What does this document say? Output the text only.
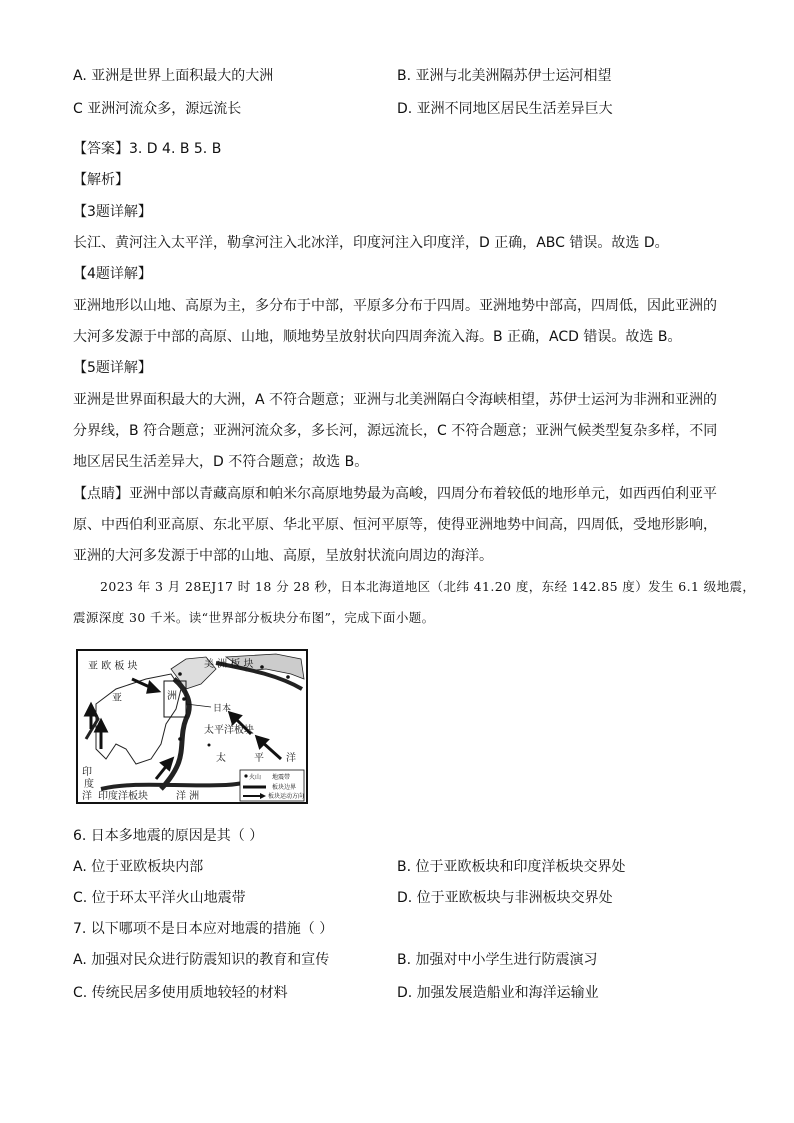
A. 亚洲是世界上面积最大的大洲	B. 亚洲与北美洲隔苏伊士运河相望
C 亚洲河流众多，源远流长	D. 亚洲不同地区居民生活差异巨大
【答案】3. D 4. B 5. B
【解析】
【3题详解】
长江、黄河注入太平洋，勒拿河注入北冰洋，印度河注入印度洋，D 正确，ABC 错误。故选 D。
【4题详解】
亚洲地形以山地、高原为主，多分布于中部，平原多分布于四周。亚洲地势中部高，四周低，因此亚洲的
大河多发源于中部的高原、山地，顺地势呈放射状向四周奔流入海。B 正确，ACD 错误。故选 B。
【5题详解】
亚洲是世界面积最大的大洲，A 不符合题意；亚洲与北美洲隔白令海峡相望，苏伊士运河为非洲和亚洲的
分界线，B 符合题意；亚洲河流众多，多长河，源远流长，C 不符合题意；亚洲气候类型复杂多样，不同
地区居民生活差异大，D 不符合题意；故选 B。
【点睛】亚洲中部以青藏高原和帕米尔高原地势最为高峻，四周分布着较低的地形单元，如西西伯利亚平
原、中西伯利亚高原、东北平原、华北平原、恒河平原等，使得亚洲地势中间高，四周低，受地形影响，
亚洲的大河多发源于中部的山地、高原，呈放射状流向周边的海洋。
2023 年 3 月 28EJ17 时 18 分 28 秒，日本北海道地区（北纬 41.20 度，东经 142.85 度）发生 6.1 级地震，
震源深度 30 千米。读“世界部分板块分布图”，完成下面小题。
亚 欧 板 块	美 洲 板 块
亚	洲
日本
太平洋板块
太	平 洋
印
度
洋 印度洋板块	洋 洲
火山 地震带
板块边界
板块运动方向
6. 日本多地震的原因是其（ ）
A. 位于亚欧板块内部	B. 位于亚欧板块和印度洋板块交界处
C. 位于环太平洋火山地震带	D. 位于亚欧板块与非洲板块交界处
7. 以下哪项不是日本应对地震的措施（ ）
A. 加强对民众进行防震知识的教育和宣传	B. 加强对中小学生进行防震演习
C. 传统民居多使用质地较轻的材料	D. 加强发展造船业和海洋运输业
